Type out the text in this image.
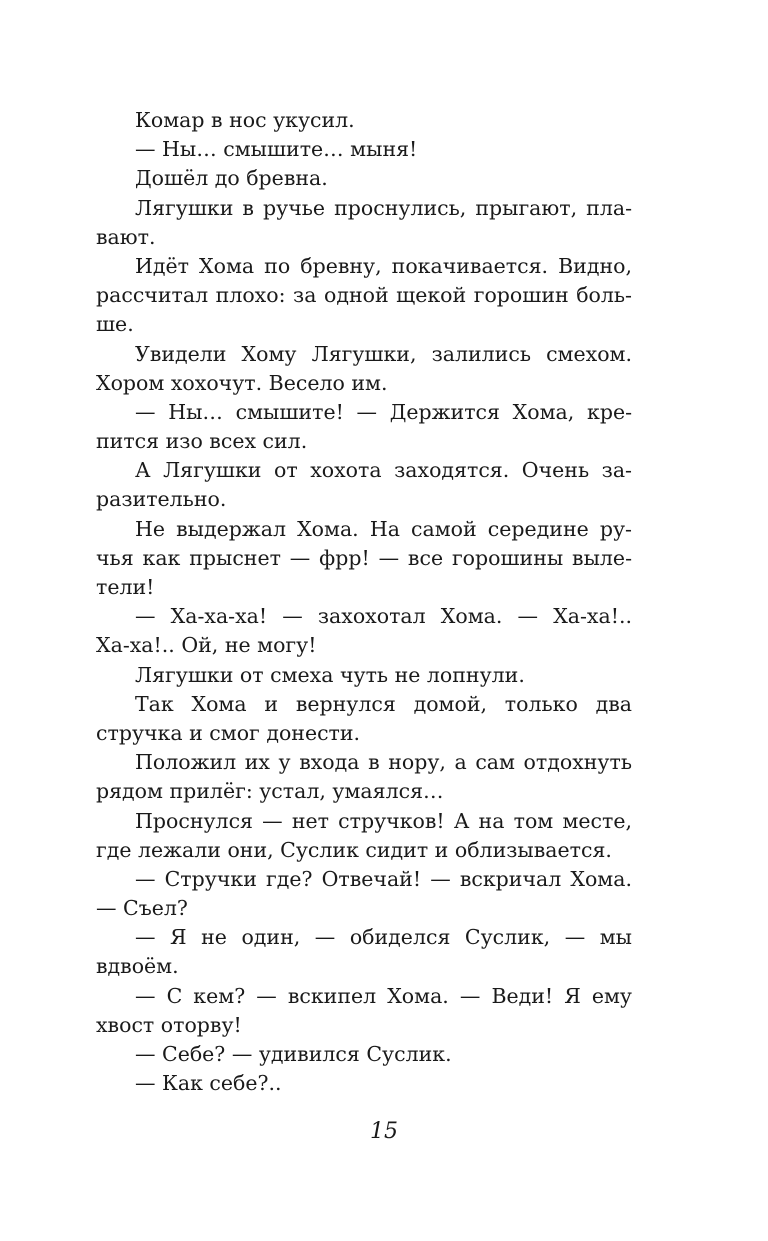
Комар в нос укусил.
— Ны… смышите… мыня!
Дошёл до бревна.
Лягушки в ручье проснулись, прыгают, пла-
вают.
Идёт Хома по бревну, покачивается. Видно,
рассчитал плохо: за одной щекой горошин боль-
ше.
Увидели Хому Лягушки, залились смехом.
Хором хохочут. Весело им.
— Ны… смышите! — Держится Хома, кре-
пится изо всех сил.
А Лягушки от хохота заходятся. Очень за-
разительно.
Не выдержал Хома. На самой середине ру-
чья как прыснет — фрр! — все горошины выле-
тели!
— Ха-ха-ха! — захохотал Хома. — Ха-ха!..
Ха-ха!.. Ой, не могу!
Лягушки от смеха чуть не лопнули.
Так Хома и вернулся домой, только два
стручка и смог донести.
Положил их у входа в нору, а сам отдохнуть
рядом прилёг: устал, умаялся…
Проснулся — нет стручков! А на том месте,
где лежали они, Суслик сидит и облизывается.
— Стручки где? Отвечай! — вскричал Хома.
— Съел?
— Я не один, — обиделся Суслик, — мы
вдвоём.
— С кем? — вскипел Хома. — Веди! Я ему
хвост оторву!
— Себе? — удивился Суслик.
— Как себе?..
15
